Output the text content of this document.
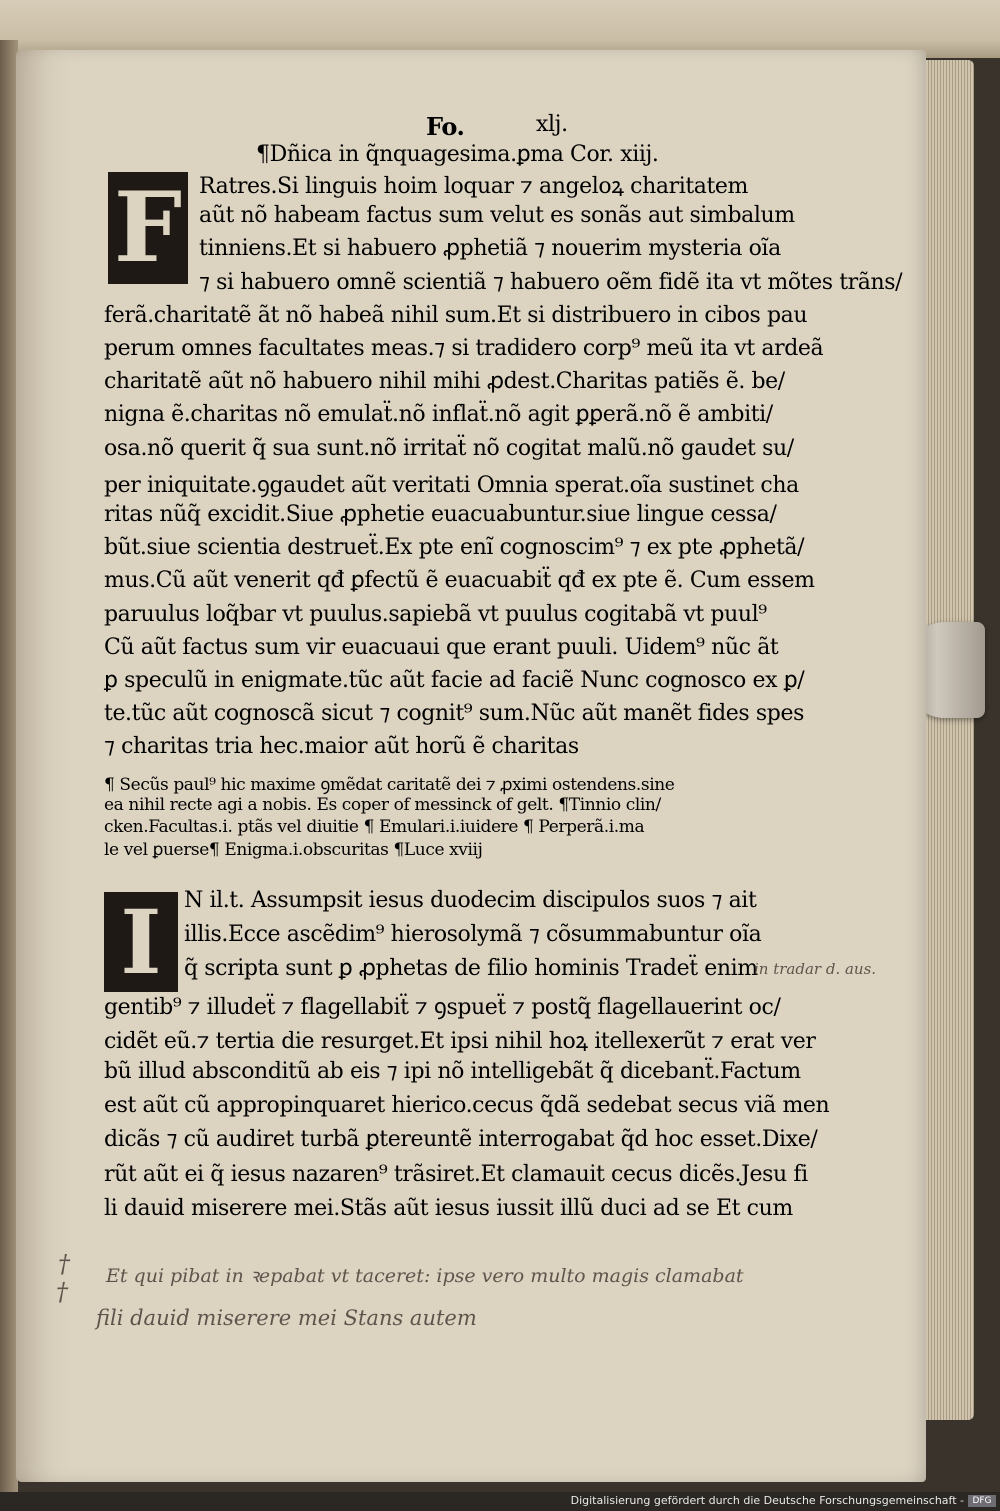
Fo.	xlj.
¶Dñica in q̃nquagesima.ꝑma Cor. xiij.
F Ratres.Si linguis hoim loquar ⁊ angeloꝝ charitatem
aũt nõ habeam factus sum velut es sonãs aut simbalum
tinniens.Et si habuero ꝓphetiã ⁊ nouerim mysteria oĩa
⁊ si habuero omnẽ scientiã ⁊ habuero oẽm fidẽ ita vt mõtes trãns/
ferã.charitatẽ ãt nõ habeã nihil sum.Et si distribuero in cibos pau
perum omnes facultates meas.⁊ si tradidero corp⁹ meũ ita vt ardeã
charitatẽ aũt nõ habuero nihil mihi ꝓdest.Charitas patiẽs ẽ. be/
nigna ẽ.charitas nõ emulaẗ.nõ inflaẗ.nõ agit ꝑꝑerã.nõ ẽ ambiti/
osa.nõ querit q̃ sua sunt.nõ irritaẗ nõ cogitat malũ.nõ gaudet su/
per iniquitate.ꝯgaudet aũt veritati Omnia sperat.oĩa sustinet cha
ritas nũq̃ excidit.Siue ꝓphetie euacuabuntur.siue lingue cessa/
bũt.siue scientia destrueẗ.Ex pte enĩ cognoscim⁹ ⁊ ex pte ꝓphetã/
mus.Cũ aũt venerit qđ ꝑfectũ ẽ euacuabiẗ qđ ex pte ẽ. Cum essem
paruulus loq̃bar vt puulus.sapiebã vt puulus cogitabã vt puul⁹
Cũ aũt factus sum vir euacuaui que erant puuli. Uidem⁹ nũc ãt
ꝑ speculũ in enigmate.tũc aũt facie ad faciẽ Nunc cognosco ex ꝑ/
te.tũc aũt cognoscã sicut ⁊ cognit⁹ sum.Nũc aũt manẽt fides spes
⁊ charitas tria hec.maior aũt horũ ẽ charitas
¶ Secũs paul⁹ hic maxime ꝯmẽdat caritatẽ dei ⁊ ꝓximi ostendens.sine
ea nihil recte agi a nobis. Es coper of messinck of gelt. ¶Tinnio clin/
cken.Facultas.i. ptãs vel diuitie ¶ Emulari.i.iuidere ¶ Perperã.i.ma
le vel ꝑuerse¶ Enigma.i.obscuritas ¶Luce xviij
I	N il.t. Assumpsit iesus duodecim discipulos suos ⁊ ait
illis.Ecce ascẽdim⁹ hierosolymã ⁊ cõsummabuntur oĩa
q̃ scripta sunt ꝑ ꝓphetas de filio hominis Tradeẗ enim
gentib⁹ ⁊ illudeẗ ⁊ flagellabiẗ ⁊ ꝯspueẗ ⁊ postq̃ flagellauerint oc/
cidẽt eũ.⁊ tertia die resurget.Et ipsi nihil hoꝝ itellexerũt ⁊ erat ver
bũ illud absconditũ ab eis ⁊ ipi nõ intelligebãt q̃ dicebanẗ.Factum
est aũt cũ appropinquaret hierico.cecus q̃dã sedebat secus viã men
dicãs ⁊ cũ audiret turbã ꝑtereuntẽ interrogabat q̃d hoc esset.Dixe/
rũt aũt ei q̃ iesus nazaren⁹ trãsiret.Et clamauit cecus dicẽs.Jesu fi
li dauid miserere mei.Stãs aũt iesus iussit illũ duci ad se Et cum
in tradar d. aus.
†
†
Et qui pibat in ꝛepabat vt taceret: ipse vero multo magis clamabat
fili dauid miserere mei Stans autem
Digitalisierung gefördert durch die Deutsche Forschungsgemeinschaft - DFG
